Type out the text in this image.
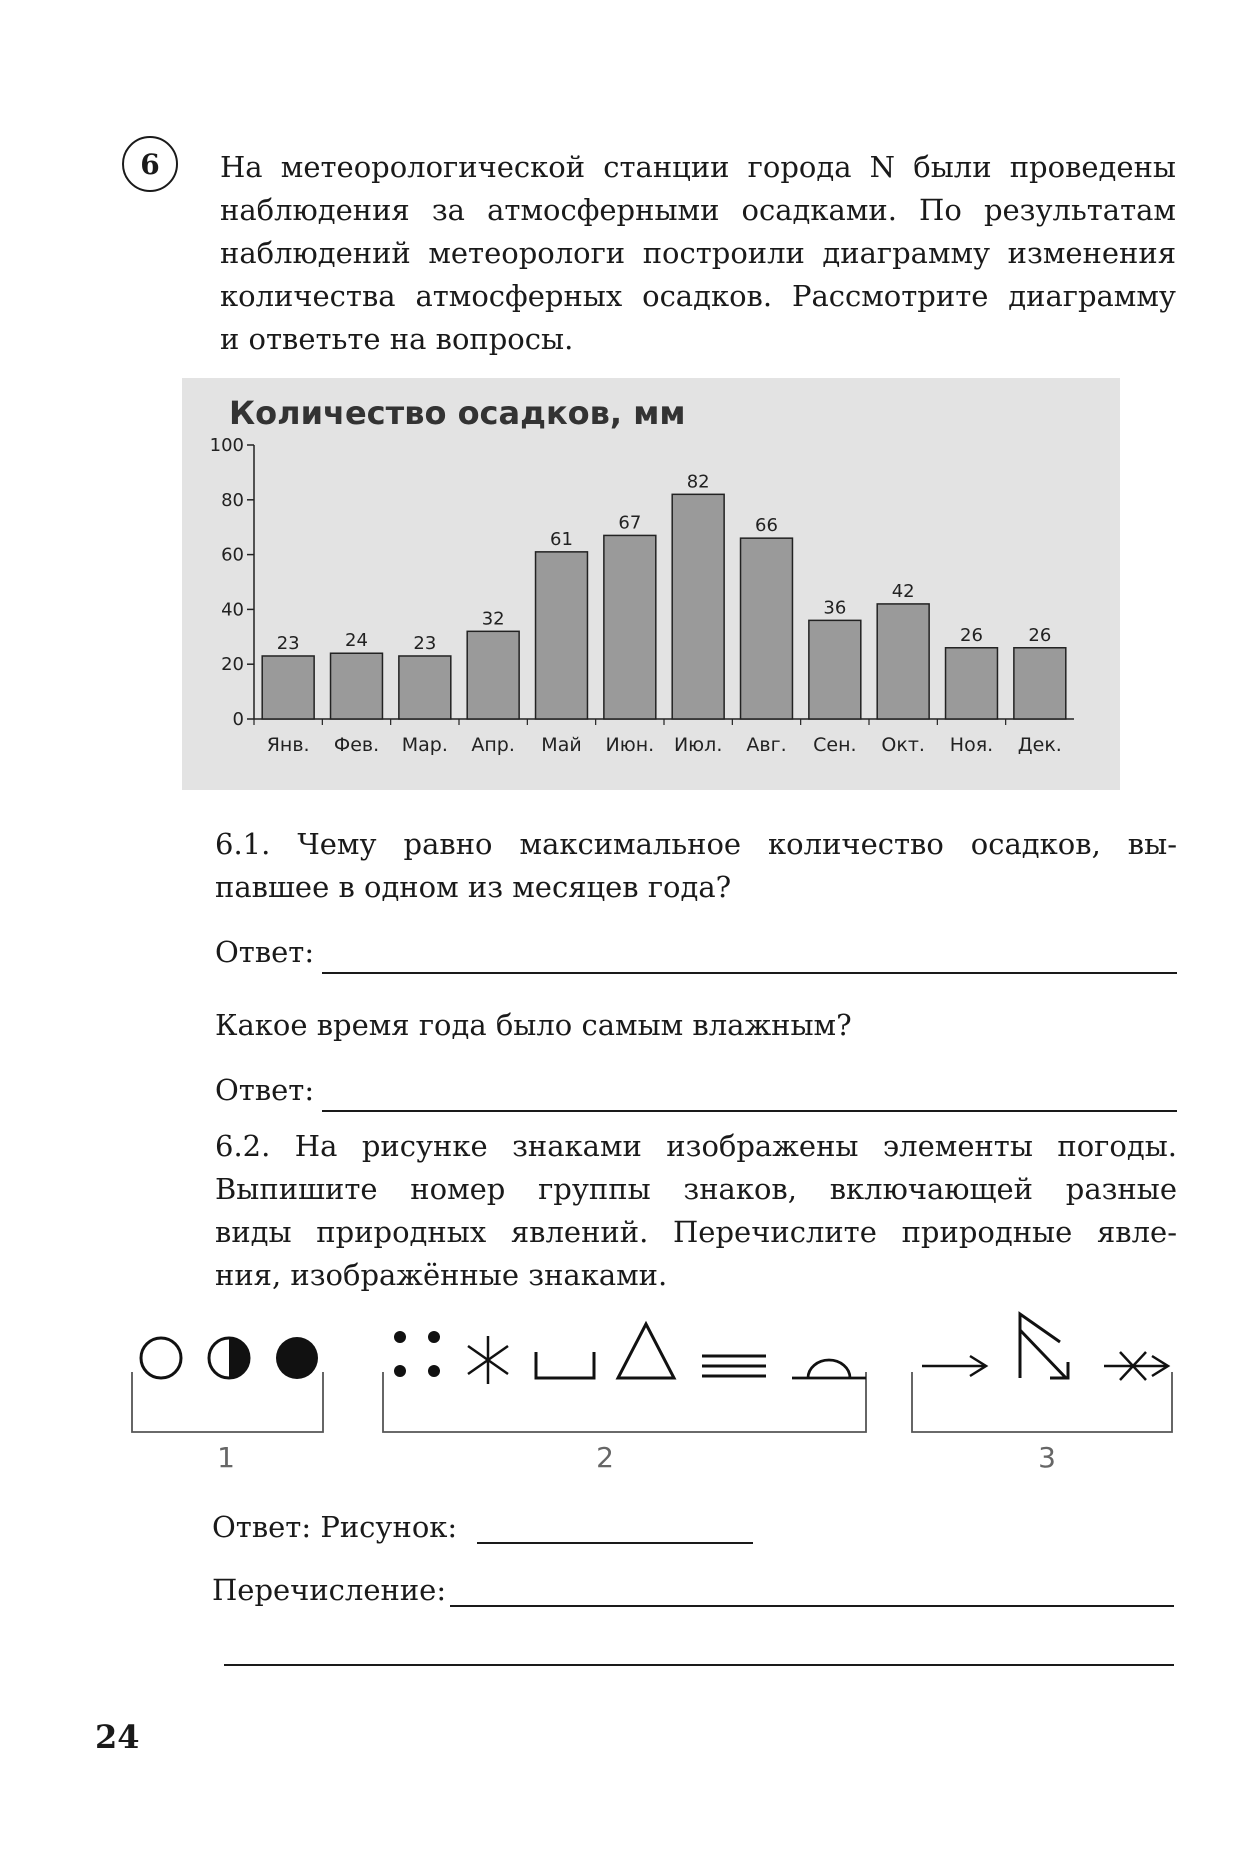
6 На метеорологической станции города N были проведены
наблюдения за атмосферными осадками. По результатам
наблюдений метеорологи построили диаграмму изменения
количества атмосферных осадков. Рассмотрите диаграмму
и ответьте на вопросы.
Количество осадков, мм
0
20
40
60
80
100
23
Янв.
24
Фев.
23
Мар.
32
Апр.
61
Май
67
Июн.
82
Июл.
66
Авг.
36
Сен.
42
Окт.
26
Ноя.
26
Дек.
6.1. Чему равно максимальное количество осадков, вы-
павшее в одном из месяцев года?
Ответ:
Какое время года было самым влажным?
Ответ:
6.2. На рисунке знаками изображены элементы погоды.
Выпишите номер группы знаков, включающей разные
виды природных явлений. Перечислите природные явле-
ния, изображённые знаками.
1	2	3
Ответ: Рисунок:
Перечисление:
24
